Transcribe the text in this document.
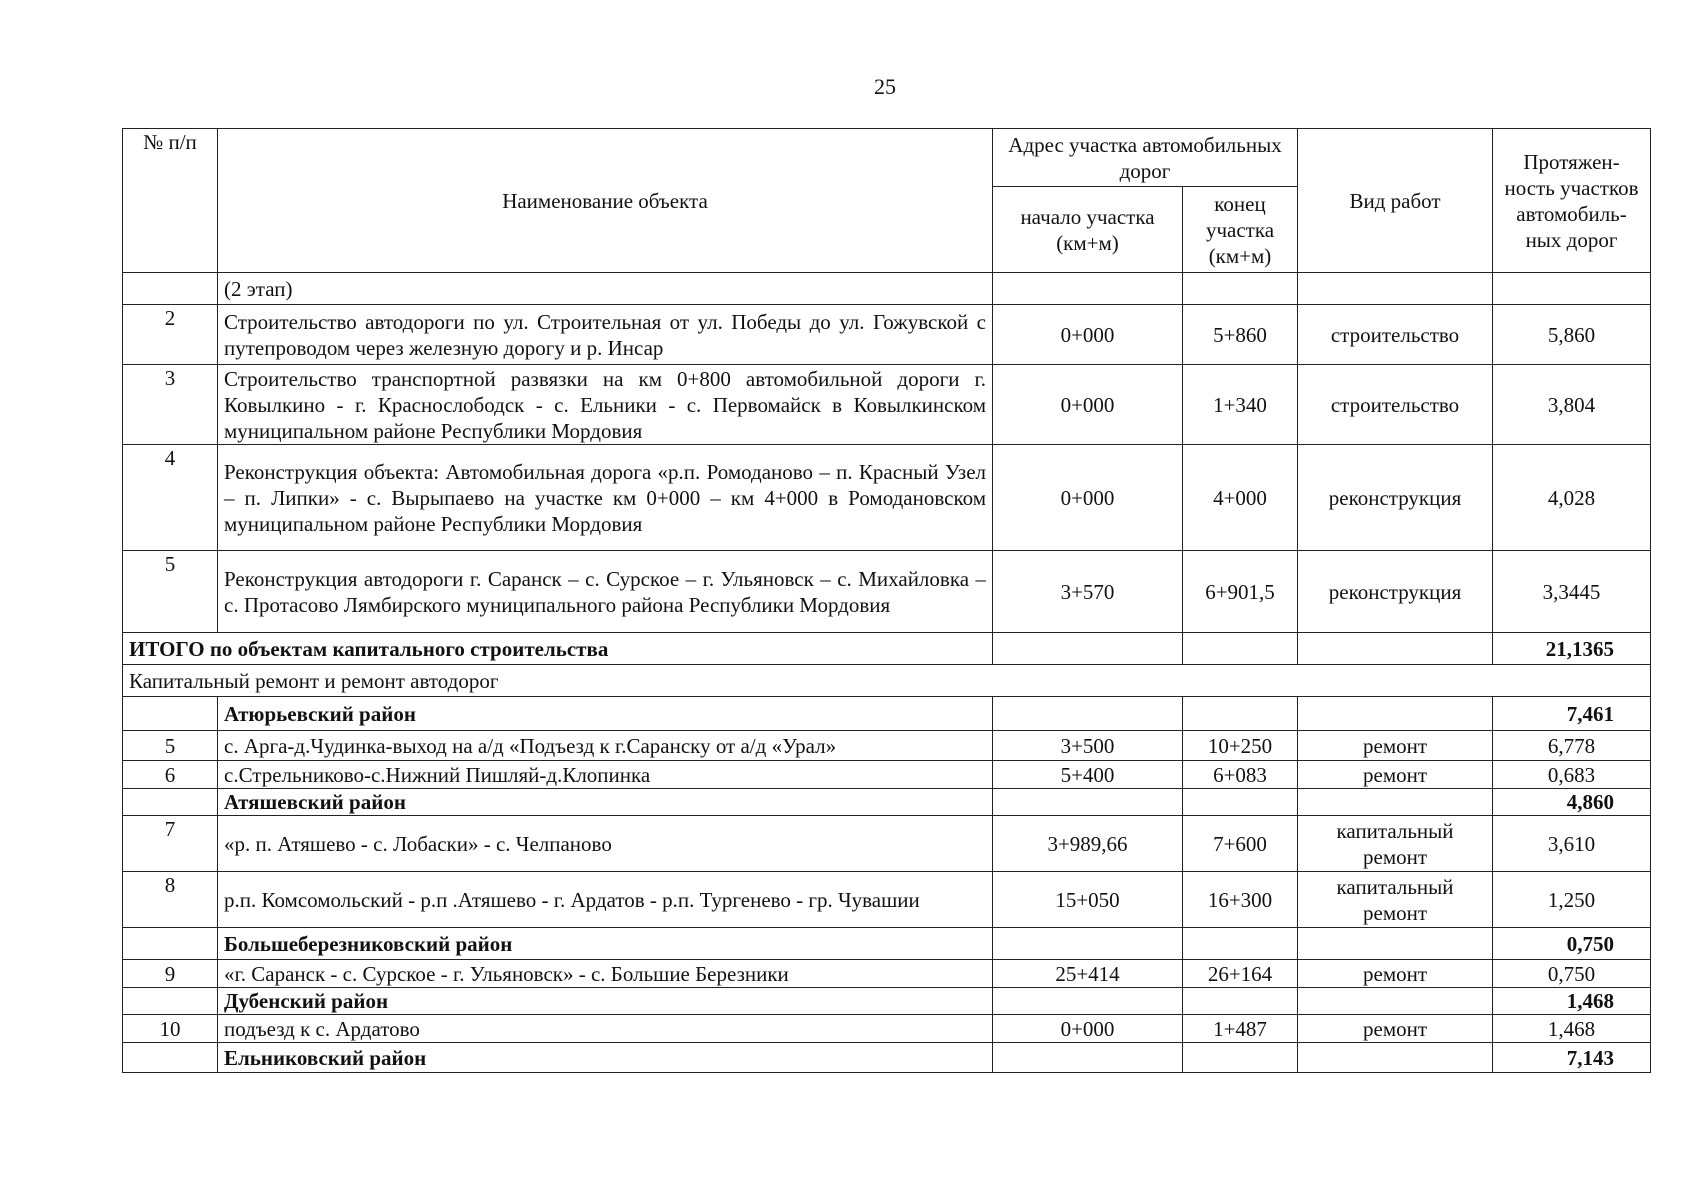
25
№ п/п	Наименование объекта	Адрес участка автомобильных дорог		Вид работ	Протяжен- ность участков автомобиль- ных дорог
		начало участка (км+м)	конец участка (км+м)		
	(2 этап)				
2	Строительство автодороги по ул. Строительная от ул. Победы до ул. Гожувской с путепроводом через железную дорогу и р. Инсар	0+000	5+860	строительство	5,860
3	Строительство транспортной развязки на км 0+800 автомобильной дороги г. Ковылкино - г. Краснослободск - с. Ельники - с. Первомайск в Ковылкинском муниципальном районе Республики Мордовия	0+000	1+340	строительство	3,804
4	Реконструкция объекта: Автомобильная дорога «р.п. Ромоданово – п. Красный Узел – п. Липки» - с. Вырыпаево на участке км 0+000 – км 4+000 в Ромодановском муниципальном районе Республики Мордовия	0+000	4+000	реконструкция	4,028
5	Реконструкция автодороги г. Саранск – с. Сурское – г. Ульяновск – с. Михайловка – с. Протасово Лямбирского муниципального района Республики Мордовия	3+570	6+901,5	реконструкция	3,3445
ИТОГО по объектам капитального строительства					21,1365
Капитальный ремонт и ремонт автодорог					
	Атюрьевский район				7,461
5	с. Арга-д.Чудинка-выход на а/д «Подъезд к г.Саранску от а/д «Урал»	3+500	10+250	ремонт	6,778
6	с.Стрельниково-с.Нижний Пишляй-д.Клопинка	5+400	6+083	ремонт	0,683
	Атяшевский район				4,860
7	«р. п. Атяшево - с. Лобаски» - с. Челпаново	3+989,66	7+600	капитальный ремонт	3,610
8	р.п. Комсомольский - р.п .Атяшево - г. Ардатов - р.п. Тургенево - гр. Чувашии	15+050	16+300	капитальный ремонт	1,250
	Большеберезниковский район				0,750
9	«г. Саранск - с. Сурское - г. Ульяновск» - с. Большие Березники	25+414	26+164	ремонт	0,750
	Дубенский район				1,468
10	подъезд к с. Ардатово	0+000	1+487	ремонт	1,468
	Ельниковский район				7,143
